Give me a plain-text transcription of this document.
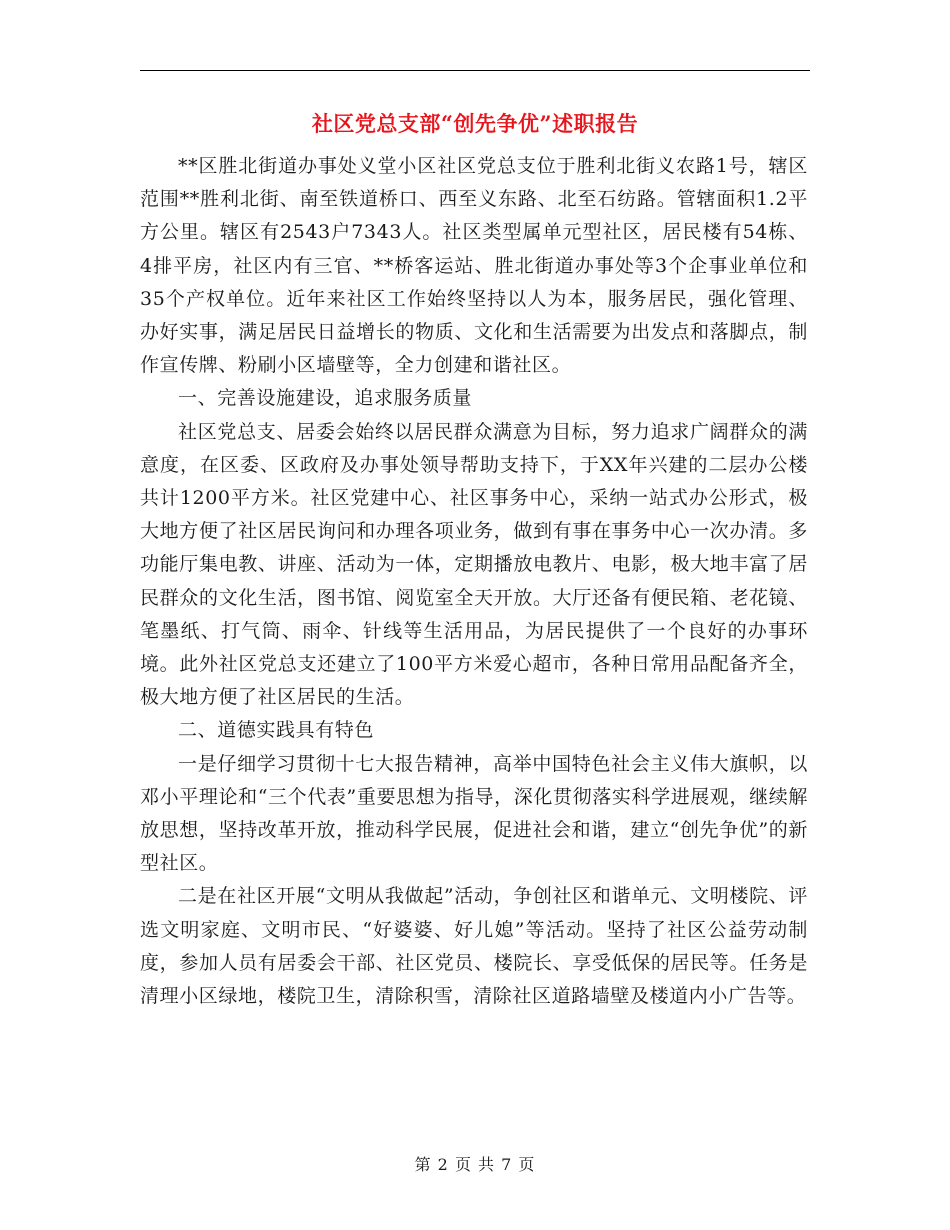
社区党总支部“创先争优”述职报告

**区胜北街道办事处义堂小区社区党总支位于胜利北街义农路1号，辖区范围**胜利北街、南至铁道桥口、西至义东路、北至石纺路。管辖面积1.2平方公里。辖区有2543户7343人。社区类型属单元型社区，居民楼有54栋、4排平房，社区内有三官、**桥客运站、胜北街道办事处等3个企事业单位和35个产权单位。近年来社区工作始终坚持以人为本，服务居民，强化管理、办好实事，满足居民日益增长的物质、文化和生活需要为出发点和落脚点，制作宣传牌、粉刷小区墙壁等，全力创建和谐社区。

一、完善设施建设，追求服务质量

社区党总支、居委会始终以居民群众满意为目标，努力追求广阔群众的满意度，在区委、区政府及办事处领导帮助支持下，于XX年兴建的二层办公楼共计1200平方米。社区党建中心、社区事务中心，采纳一站式办公形式，极大地方便了社区居民询问和办理各项业务，做到有事在事务中心一次办清。多功能厅集电教、讲座、活动为一体，定期播放电教片、电影，极大地丰富了居民群众的文化生活，图书馆、阅览室全天开放。大厅还备有便民箱、老花镜、笔墨纸、打气筒、雨伞、针线等生活用品，为居民提供了一个良好的办事环境。此外社区党总支还建立了100平方米爱心超市，各种日常用品配备齐全，极大地方便了社区居民的生活。

二、道德实践具有特色

一是仔细学习贯彻十七大报告精神，高举中国特色社会主义伟大旗帜，以邓小平理论和“三个代表”重要思想为指导，深化贯彻落实科学进展观，继续解放思想，坚持改革开放，推动科学民展，促进社会和谐，建立“创先争优”的新型社区。

二是在社区开展“文明从我做起”活动，争创社区和谐单元、文明楼院、评选文明家庭、文明市民、“好婆婆、好儿媳”等活动。坚持了社区公益劳动制度，参加人员有居委会干部、社区党员、楼院长、享受低保的居民等。任务是清理小区绿地，楼院卫生，清除积雪，清除社区道路墙壁及楼道内小广告等。

第 2 页 共 7 页
